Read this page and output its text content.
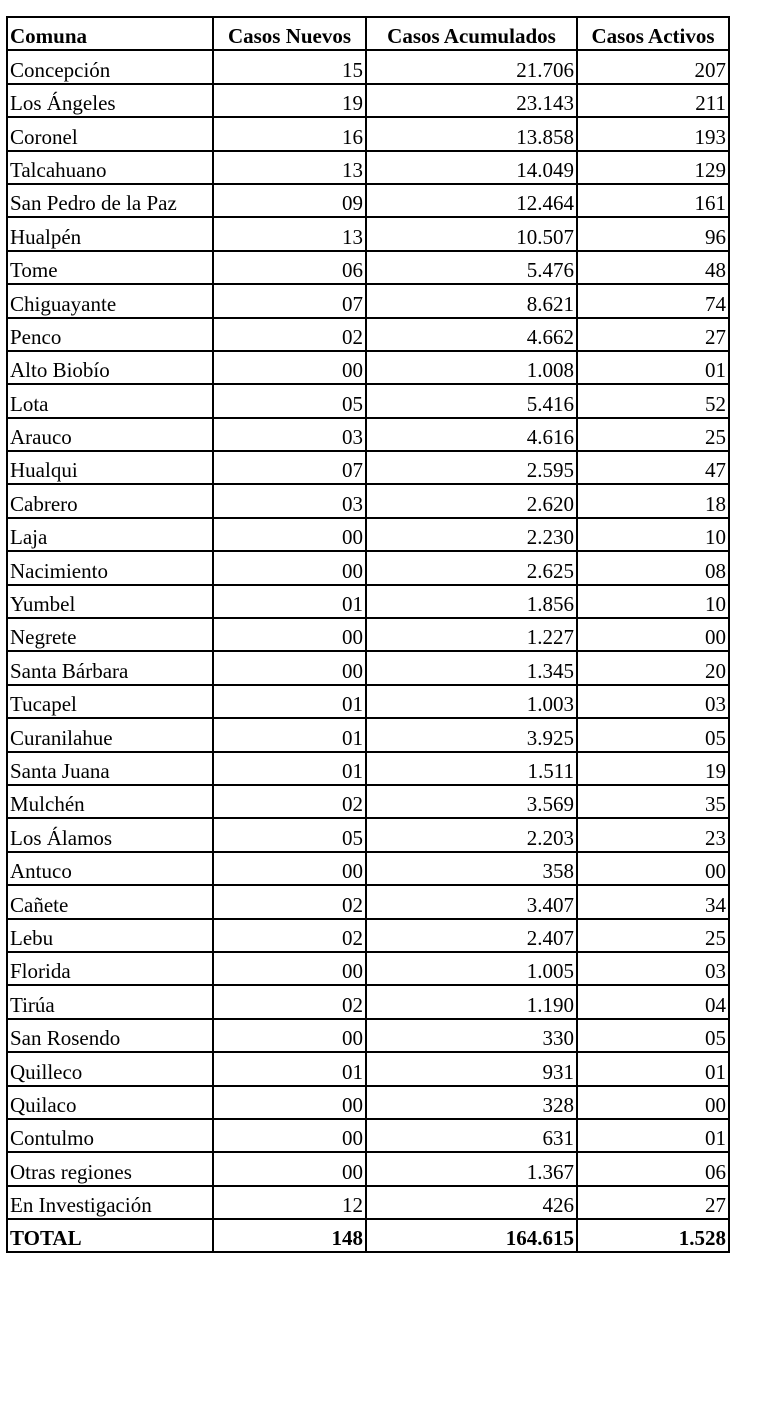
Comuna	Casos Nuevos	Casos Acumulados	Casos Activos
Concepción	15	21.706	207
Los Ángeles	19	23.143	211
Coronel	16	13.858	193
Talcahuano	13	14.049	129
San Pedro de la Paz	09	12.464	161
Hualpén	13	10.507	96
Tome	06	5.476	48
Chiguayante	07	8.621	74
Penco	02	4.662	27
Alto Biobío	00	1.008	01
Lota	05	5.416	52
Arauco	03	4.616	25
Hualqui	07	2.595	47
Cabrero	03	2.620	18
Laja	00	2.230	10
Nacimiento	00	2.625	08
Yumbel	01	1.856	10
Negrete	00	1.227	00
Santa Bárbara	00	1.345	20
Tucapel	01	1.003	03
Curanilahue	01	3.925	05
Santa Juana	01	1.511	19
Mulchén	02	3.569	35
Los Álamos	05	2.203	23
Antuco	00	358	00
Cañete	02	3.407	34
Lebu	02	2.407	25
Florida	00	1.005	03
Tirúa	02	1.190	04
San Rosendo	00	330	05
Quilleco	01	931	01
Quilaco	00	328	00
Contulmo	00	631	01
Otras regiones	00	1.367	06
En Investigación	12	426	27
TOTAL	148	164.615	1.528
